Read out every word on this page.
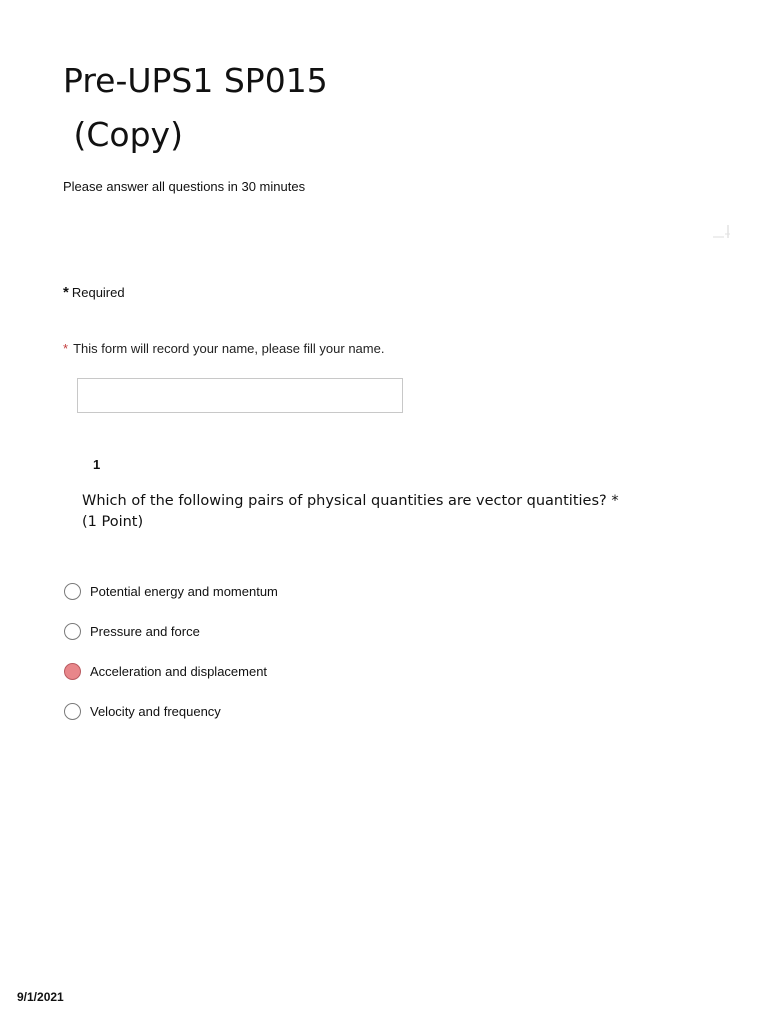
Pre-UPS1 SP015
(Copy)
Please answer all questions in 30 minutes
* Required
* This form will record your name, please fill your name.
1
Which of the following pairs of physical quantities are vector quantities? *
(1 Point)
Potential energy and momentum
Pressure and force
Acceleration and displacement
Velocity and frequency
9/1/2021
